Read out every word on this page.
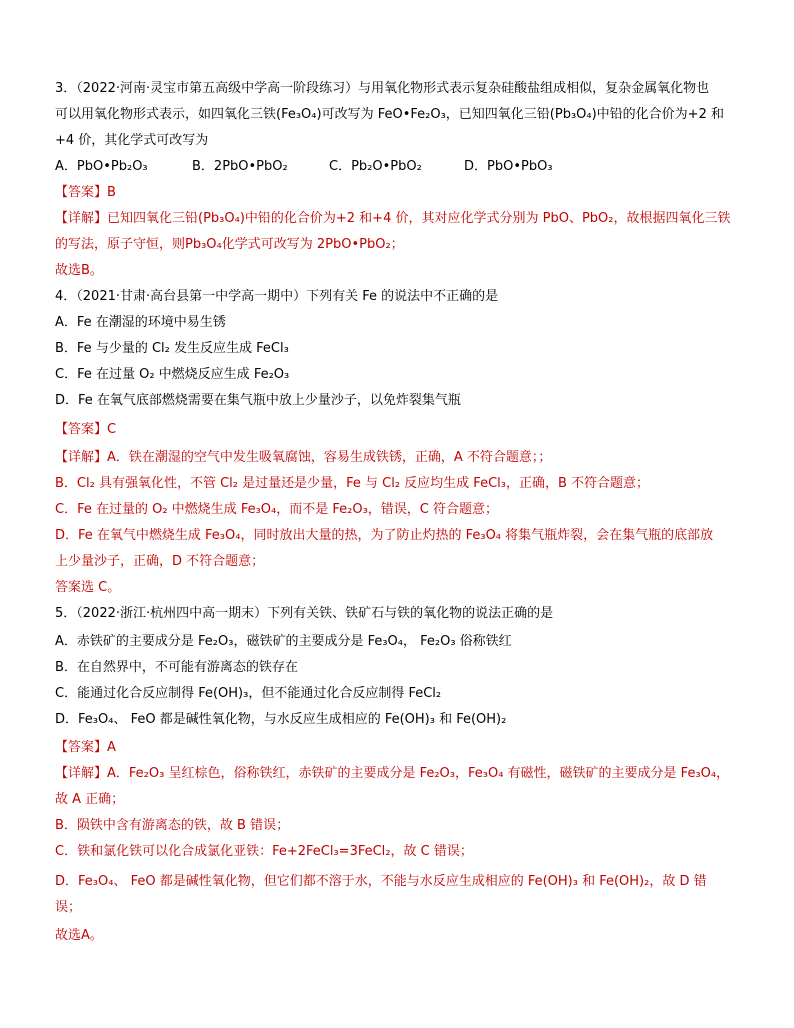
3．（2022·河南·灵宝市第五高级中学高一阶段练习）与用氧化物形式表示复杂硅酸盐组成相似，复杂金属氧化物也
可以用氧化物形式表示，如四氧化三铁(Fe₃O₄)可改写为 FeO•Fe₂O₃，已知四氧化三铅(Pb₃O₄)中铅的化合价为+2 和
+4 价，其化学式可改写为
A．PbO•Pb₂O₃	B．2PbO•PbO₂	C．Pb₂O•PbO₂	D．PbO•PbO₃
【答案】B
【详解】已知四氧化三铅(Pb₃O₄)中铅的化合价为+2 和+4 价，其对应化学式分别为 PbO、PbO₂，故根据四氧化三铁
的写法，原子守恒，则Pb₃O₄化学式可改写为 2PbO•PbO₂；
故选B。
4．（2021·甘肃·高台县第一中学高一期中）下列有关 Fe 的说法中不正确的是
A．Fe 在潮湿的环境中易生锈
B．Fe 与少量的 Cl₂ 发生反应生成 FeCl₃
C．Fe 在过量 O₂ 中燃烧反应生成 Fe₂O₃
D．Fe 在氧气底部燃烧需要在集气瓶中放上少量沙子，以免炸裂集气瓶
【答案】C
【详解】A．铁在潮湿的空气中发生吸氧腐蚀，容易生成铁锈，正确，A 不符合题意；；
B．Cl₂ 具有强氧化性，不管 Cl₂ 是过量还是少量，Fe 与 Cl₂ 反应均生成 FeCl₃，正确，B 不符合题意；
C．Fe 在过量的 O₂ 中燃烧生成 Fe₃O₄，而不是 Fe₂O₃，错误，C 符合题意；
D．Fe 在氧气中燃烧生成 Fe₃O₄，同时放出大量的热，为了防止灼热的 Fe₃O₄ 将集气瓶炸裂，会在集气瓶的底部放
上少量沙子，正确，D 不符合题意；
答案选 C。
5．（2022·浙江·杭州四中高一期末）下列有关铁、铁矿石与铁的氧化物的说法正确的是
A．赤铁矿的主要成分是 Fe₂O₃，磁铁矿的主要成分是 Fe₃O₄， Fe₂O₃ 俗称铁红
B．在自然界中，不可能有游离态的铁存在
C．能通过化合反应制得 Fe(OH)₃，但不能通过化合反应制得 FeCl₂
D．Fe₃O₄、 FeO 都是碱性氧化物，与水反应生成相应的 Fe(OH)₃ 和 Fe(OH)₂
【答案】A
【详解】A．Fe₂O₃ 呈红棕色，俗称铁红，赤铁矿的主要成分是 Fe₂O₃，Fe₃O₄ 有磁性，磁铁矿的主要成分是 Fe₃O₄，
故 A 正确；
B．陨铁中含有游离态的铁，故 B 错误；
C．铁和氯化铁可以化合成氯化亚铁：Fe+2FeCl₃=3FeCl₂，故 C 错误；
D．Fe₃O₄、 FeO 都是碱性氧化物，但它们都不溶于水，不能与水反应生成相应的 Fe(OH)₃ 和 Fe(OH)₂，故 D 错
误；
故选A。
